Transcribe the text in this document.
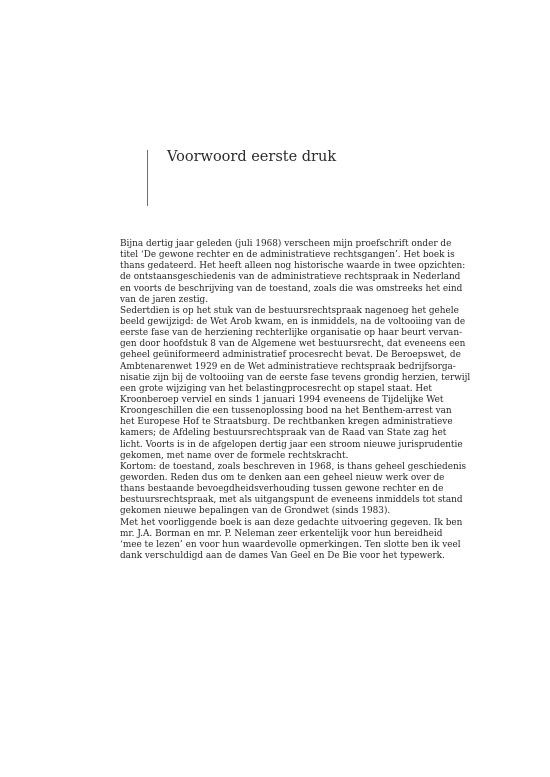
Voorwoord eerste druk
Bijna dertig jaar geleden (juli 1968) verscheen mijn proefschrift onder de
titel ‘De gewone rechter en de administratieve rechtsgangen’. Het boek is
thans gedateerd. Het heeft alleen nog historische waarde in twee opzichten:
de ontstaansgeschiedenis van de administratieve rechtspraak in Nederland
en voorts de beschrijving van de toestand, zoals die was omstreeks het eind
van de jaren zestig.
Sedertdien is op het stuk van de bestuursrechtspraak nagenoeg het gehele
beeld gewijzigd: de Wet Arob kwam, en is inmiddels, na de voltooiing van de
eerste fase van de herziening rechterlijke organisatie op haar beurt vervan-
gen door hoofdstuk 8 van de Algemene wet bestuursrecht, dat eveneens een
geheel geüniformeerd administratief procesrecht bevat. De Beroepswet, de
Ambtenarenwet 1929 en de Wet administratieve rechtspraak bedrijfsorga-
nisatie zijn bij de voltooiing van de eerste fase tevens grondig herzien, terwijl
een grote wijziging van het belastingprocesrecht op stapel staat. Het
Kroonberoep verviel en sinds 1 januari 1994 eveneens de Tijdelijke Wet
Kroongeschillen die een tussenoplossing bood na het Benthem-arrest van
het Europese Hof te Straatsburg. De rechtbanken kregen administratieve
kamers; de Afdeling bestuursrechtspraak van de Raad van State zag het
licht. Voorts is in de afgelopen dertig jaar een stroom nieuwe jurisprudentie
gekomen, met name over de formele rechtskracht.
Kortom: de toestand, zoals beschreven in 1968, is thans geheel geschiedenis
geworden. Reden dus om te denken aan een geheel nieuw werk over de
thans bestaande bevoegdheidsverhouding tussen gewone rechter en de
bestuursrechtspraak, met als uitgangspunt de eveneens inmiddels tot stand
gekomen nieuwe bepalingen van de Grondwet (sinds 1983).
Met het voorliggende boek is aan deze gedachte uitvoering gegeven. Ik ben
mr. J.A. Borman en mr. P. Neleman zeer erkentelijk voor hun bereidheid
‘mee te lezen’ en voor hun waardevolle opmerkingen. Ten slotte ben ik veel
dank verschuldigd aan de dames Van Geel en De Bie voor het typewerk.
